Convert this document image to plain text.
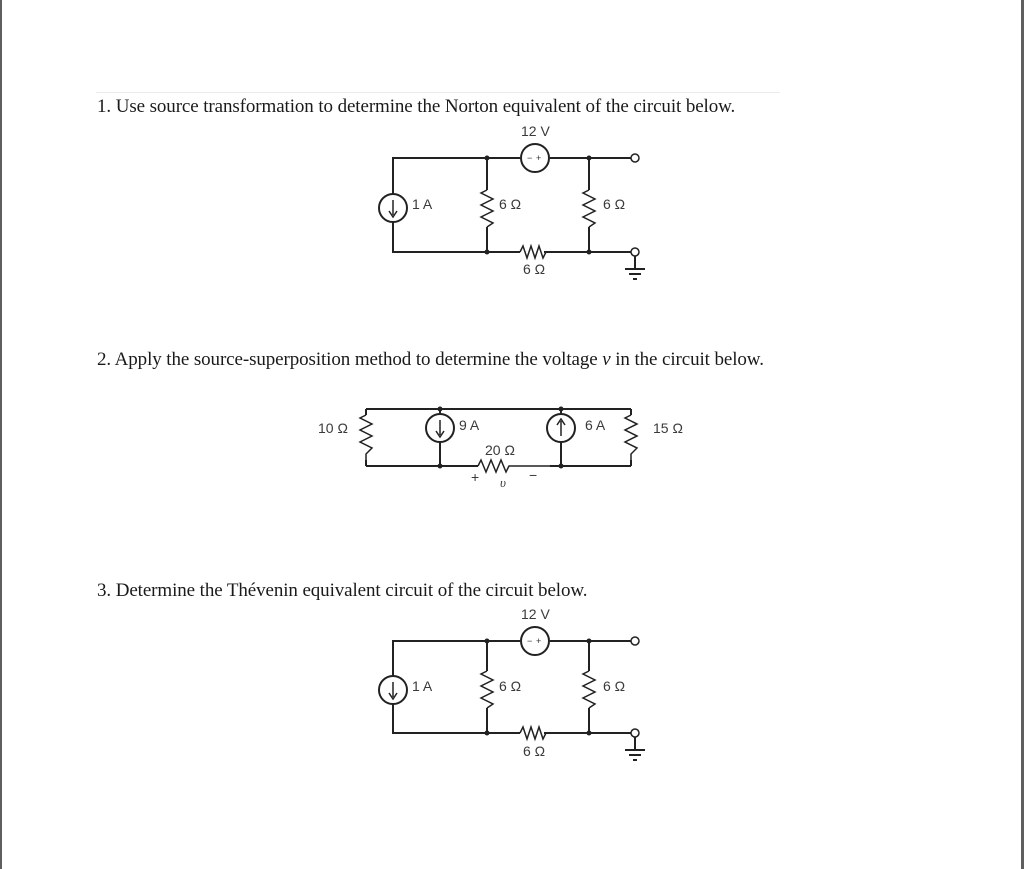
1. Use source transformation to determine the Norton equivalent of the circuit below.

− +
12 V
1 A	6 Ω	6 Ω
6 Ω

2. Apply the source-superposition method to determine the voltage v in the circuit below.

10 Ω	9 A
20 Ω
+ υ −
6 A	15 Ω

3. Determine the Thévenin equivalent circuit of the circuit below.

− +
12 V
1 A	6 Ω	6 Ω
6 Ω
